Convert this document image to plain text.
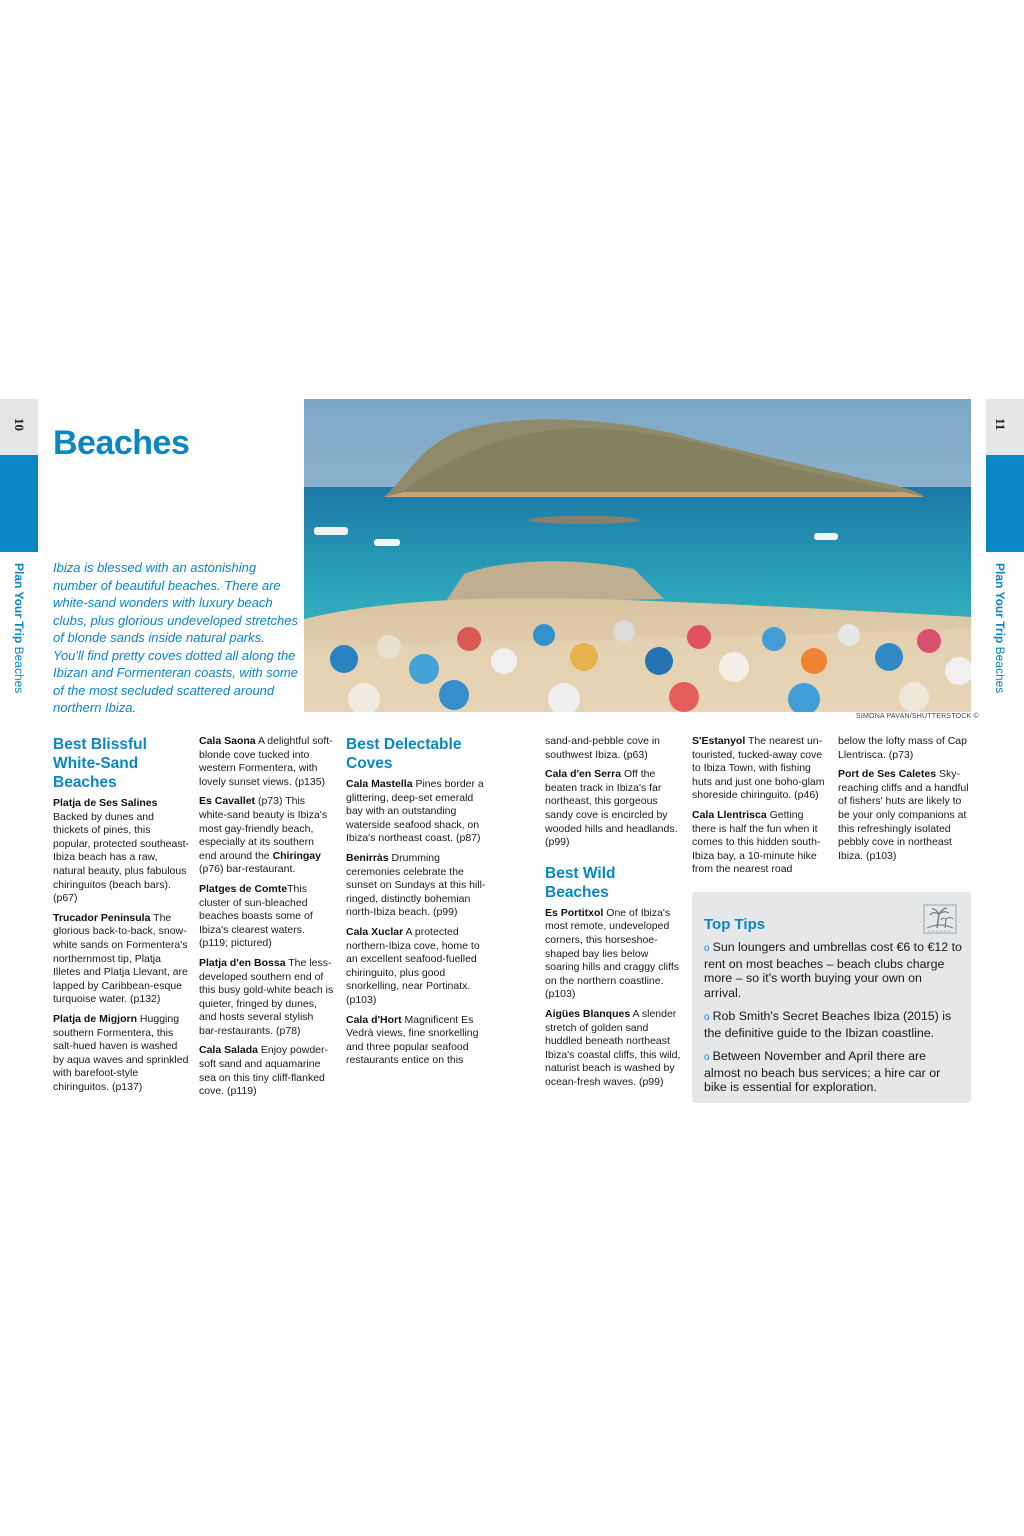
10	11
Plan Your Trip Beaches
Plan Your Trip Beaches
Beaches
Ibiza is blessed with an astonishing number of beautiful beaches. There are white-sand wonders with luxury beach clubs, plus glorious undeveloped stretches of blonde sands inside natural parks. You'll find pretty coves dotted all along the Ibizan and Formenteran coasts, with some of the most secluded scattered around northern Ibiza.
SIMONA PAVAN/SHUTTERSTOCK ©
Best Blissful White-Sand Beaches

Platja de Ses Salines Backed by dunes and thickets of pines, this popular, protected southeast-Ibiza beach has a raw, natural beauty, plus fabulous chiringuitos (beach bars). (p67)

Trucador Peninsula The glorious back-to-back, snow-white sands on Formentera's northernmost tip, Platja Illetes and Platja Llevant, are lapped by Caribbean-esque turquoise water. (p132)

Platja de Migjorn Hugging southern Formentera, this salt-hued haven is washed by aqua waves and sprinkled with barefoot-style chiringuitos. (p137)

Cala Saona A delightful soft-blonde cove tucked into western Formentera, with lovely sunset views. (p135)

Es Cavallet (p73) This white-sand beauty is Ibiza's most gay-friendly beach, especially at its southern end around the Chiringay (p76) bar-restaurant.

Platges de ComteThis cluster of sun-bleached beaches boasts some of Ibiza's clearest waters. (p119; pictured)

Platja d'en Bossa The less-developed southern end of this busy gold-white beach is quieter, fringed by dunes, and hosts several stylish bar-restaurants. (p78)

Cala Salada Enjoy powder-soft sand and aquamarine sea on this tiny cliff-flanked cove. (p119)

Best Delectable Coves

Cala Mastella Pines border a glittering, deep-set emerald bay with an outstanding waterside seafood shack, on Ibiza's northeast coast. (p87)

Benirràs Drumming ceremonies celebrate the sunset on Sundays at this hill-ringed, distinctly bohemian north-Ibiza beach. (p99)

Cala Xuclar A protected northern-Ibiza cove, home to an excellent seafood-fuelled chiringuito, plus good snorkelling, near Portinatx. (p103)

Cala d'Hort Magnificent Es Vedrà views, fine snorkelling and three popular seafood restaurants entice on this

sand-and-pebble cove in southwest Ibiza. (p63)

Cala d'en Serra Off the beaten track in Ibiza's far northeast, this gorgeous sandy cove is encircled by wooded hills and headlands. (p99)

Best Wild Beaches

Es Portitxol One of Ibiza's most remote, undeveloped corners, this horseshoe-shaped bay lies below soaring hills and craggy cliffs on the northern coastline. (p103)

Aigües Blanques A slender stretch of golden sand huddled beneath northeast Ibiza's coastal cliffs, this wild, naturist beach is washed by ocean-fresh waves. (p99)

S'Estanyol The nearest un-touristed, tucked-away cove to Ibiza Town, with fishing huts and just one boho-glam shoreside chiringuito. (p46)

Cala Llentrisca Getting there is half the fun when it comes to this hidden south-Ibiza bay, a 10-minute hike from the nearest road

below the lofty mass of Cap Llentrisca. (p73)

Port de Ses Caletes Sky-reaching cliffs and a handful of fishers' huts are likely to be your only companions at this refreshingly isolated pebbly cove in northeast Ibiza. (p103)

Top Tips
o Sun loungers and umbrellas cost €6 to €12 to rent on most beaches – beach clubs charge more – so it's worth buying your own on arrival.
o Rob Smith's Secret Beaches Ibiza (2015) is the definitive guide to the Ibizan coastline.
o Between November and April there are almost no beach bus services; a hire car or bike is essential for exploration.
